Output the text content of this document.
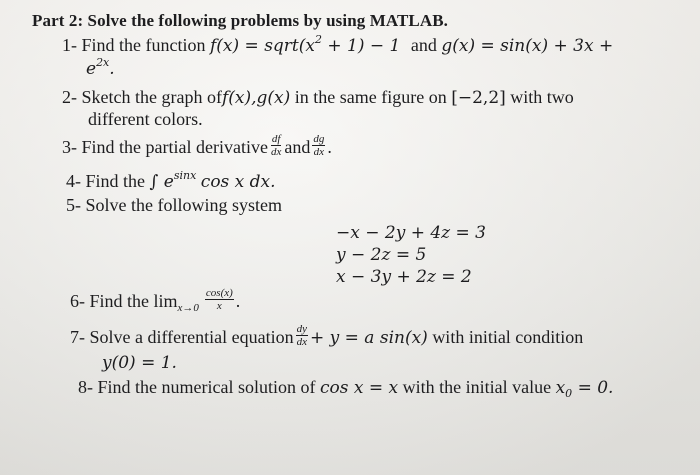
Part 2: Solve the following problems by using MATLAB.
1- Find the function $f(x) = sqrt(x^2 + 1) - 1$ and g(x) = sin(x) + 3x +
$e^{2x}$.
2- Sketch the graph off(x),g(x) in the same figure on [−2,2] with two
different colors.
3- Find the partial derivative $\frac{df}{dx}$ and $\frac{dg}{dx}$ .
4- Find the ∫ $e^{sinx}$ cos x dx.
5- Solve the following system
−x − 2y + 4z = 3
y − 2z = 5
x − 3y + 2z = 2
6- Find the $\lim_{x\to 0} \frac{\cos(x)}{x}$ .
7- Solve a differential equation $\frac{dy}{dx} + y = a$ sin(x) with initial condition
y(0) = 1.
8- Find the numerical solution of cos x = x with the initial value $x_0 = 0$.
